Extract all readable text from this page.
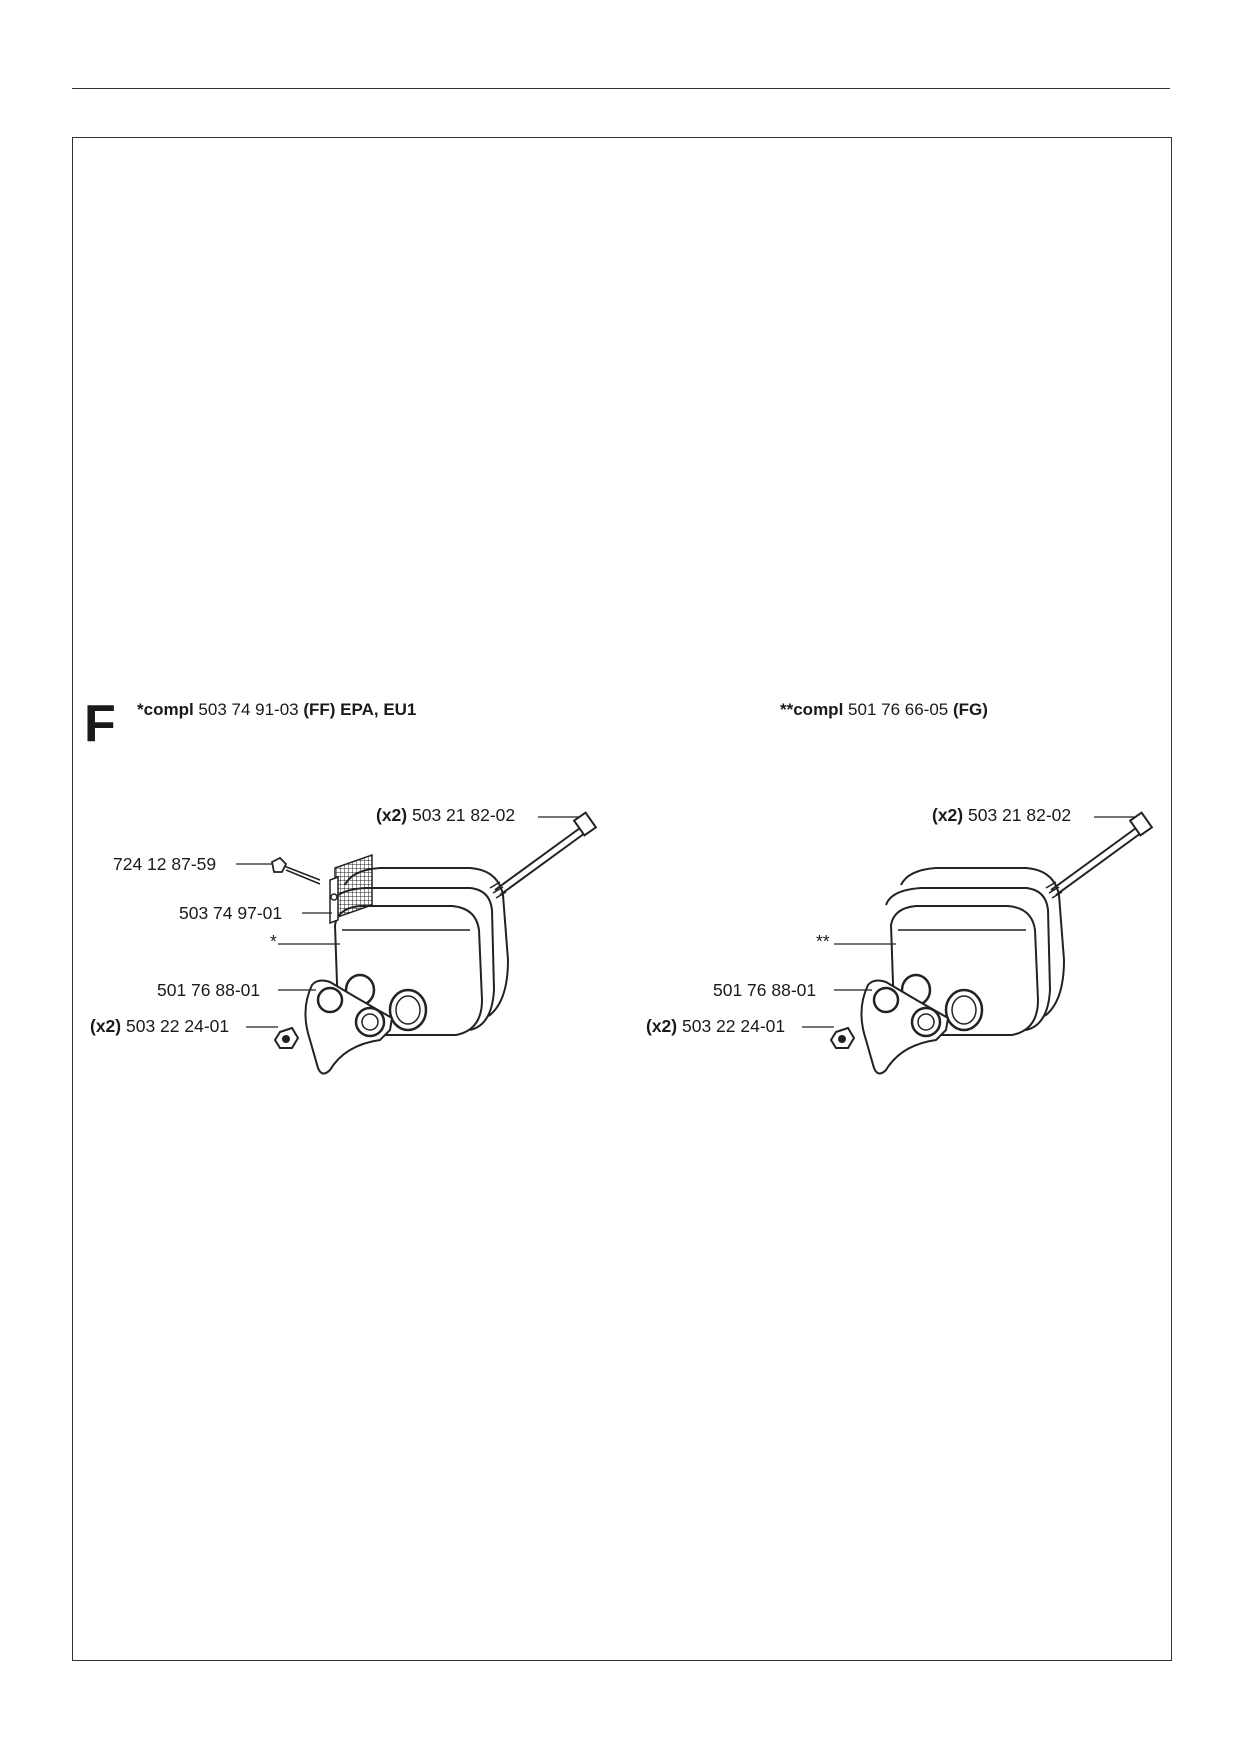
F *compl 503 74 91-03 (FF) EPA, EU1	**compl 501 76 66-05 (FG)
(x2) 503 21 82-02
724 12 87-59
503 74 97-01
*
501 76 88-01
(x2) 503 22 24-01
(x2) 503 21 82-02
**
501 76 88-01
(x2) 503 22 24-01
